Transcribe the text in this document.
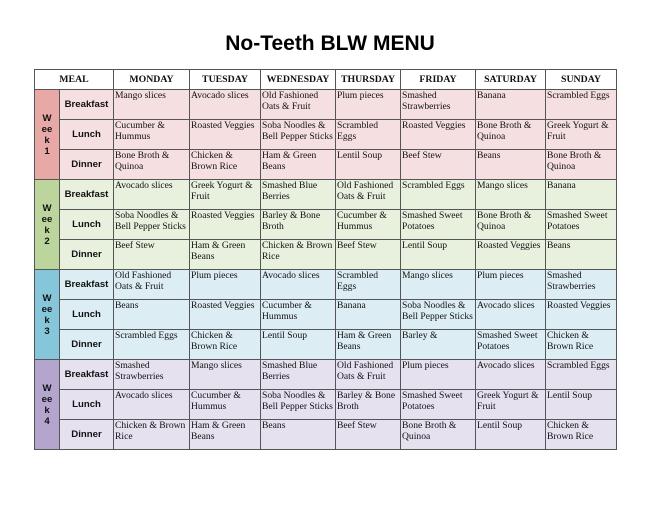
No-Teeth BLW MENU
MEAL		MONDAY	TUESDAY	WEDNESDAY	THURSDAY	FRIDAY	SATURDAY	SUNDAY

W
ee
k
1	Breakfast	Mango slices	Avocado slices	Old Fashioned Oats & Fruit	Plum pieces	Smashed Strawberries	Banana	Scrambled Eggs
	Lunch	Cucumber & Hummus	Roasted Veggies	Soba Noodles & Bell Pepper Sticks	Scrambled Eggs	Roasted Veggies	Bone Broth & Quinoa	Greek Yogurt & Fruit
	Dinner	Bone Broth & Quinoa	Chicken & Brown Rice	Ham & Green Beans	Lentil Soup	Beef Stew	Beans	Bone Broth & Quinoa

W
ee
k
2	Breakfast	Avocado slices	Greek Yogurt & Fruit	Smashed Blue Berries	Old Fashioned Oats & Fruit	Scrambled Eggs	Mango slices	Banana
	Lunch	Soba Noodles & Bell Pepper Sticks	Roasted Veggies	Barley & Bone Broth	Cucumber & Hummus	Smashed Sweet Potatoes	Bone Broth & Quinoa	Smashed Sweet Potatoes
	Dinner	Beef Stew	Ham & Green Beans	Chicken & Brown Rice	Beef Stew	Lentil Soup	Roasted Veggies	Beans

W
ee
k
3	Breakfast	Old Fashioned Oats & Fruit	Plum pieces	Avocado slices	Scrambled Eggs	Mango slices	Plum pieces	Smashed Strawberries
	Lunch	Beans	Roasted Veggies	Cucumber & Hummus	Banana	Soba Noodles & Bell Pepper Sticks	Avocado slices	Roasted Veggies
	Dinner	Scrambled Eggs	Chicken & Brown Rice	Lentil Soup	Ham & Green Beans	Barley &	Smashed Sweet Potatoes	Chicken & Brown Rice

W
ee
k
4	Breakfast	Smashed Strawberries	Mango slices	Smashed Blue Berries	Old Fashioned Oats & Fruit	Plum pieces	Avocado slices	Scrambled Eggs
	Lunch	Avocado slices	Cucumber & Hummus	Soba Noodles & Bell Pepper Sticks	Barley & Bone Broth	Smashed Sweet Potatoes	Greek Yogurt & Fruit	Lentil Soup
	Dinner	Chicken & Brown Rice	Ham & Green Beans	Beans	Beef Stew	Bone Broth & Quinoa	Lentil Soup	Chicken & Brown Rice
